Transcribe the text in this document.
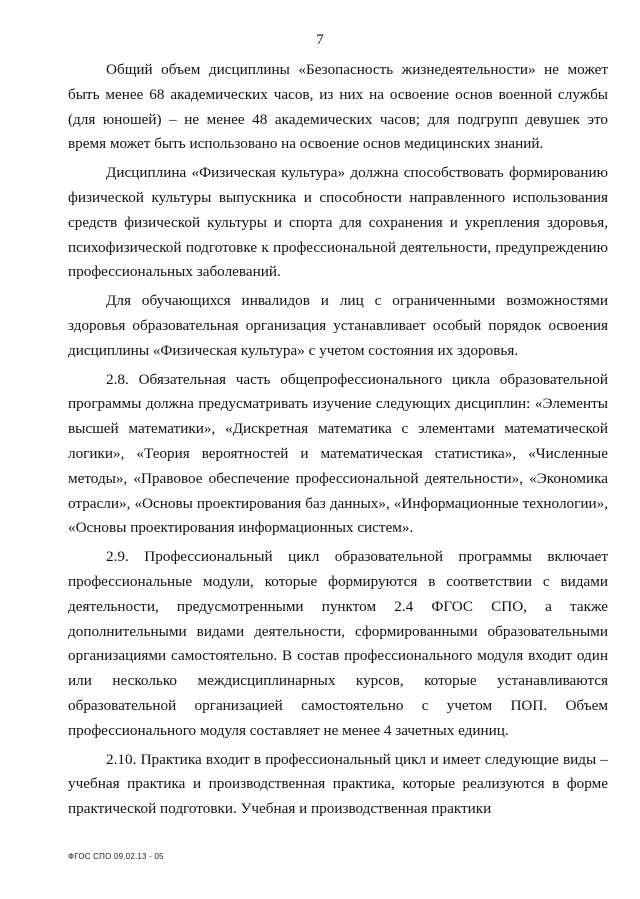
7

Общий объем дисциплины «Безопасность жизнедеятельности» не может быть менее 68 академических часов, из них на освоение основ военной службы (для юношей) – не менее 48 академических часов; для подгрупп девушек это время может быть использовано на освоение основ медицинских знаний.

Дисциплина «Физическая культура» должна способствовать формированию физической культуры выпускника и способности направленного использования средств физической культуры и спорта для сохранения и укрепления здоровья, психофизической подготовке к профессиональной деятельности, предупреждению профессиональных заболеваний.

Для обучающихся инвалидов и лиц с ограниченными возможностями здоровья образовательная организация устанавливает особый порядок освоения дисциплины «Физическая культура» с учетом состояния их здоровья.

2.8. Обязательная часть общепрофессионального цикла образовательной программы должна предусматривать изучение следующих дисциплин: «Элементы высшей математики», «Дискретная математика с элементами математической логики», «Теория вероятностей и математическая статистика», «Численные методы», «Правовое обеспечение профессиональной деятельности», «Экономика отрасли», «Основы проектирования баз данных», «Информационные технологии», «Основы проектирования информационных систем».

2.9. Профессиональный цикл образовательной программы включает профессиональные модули, которые формируются в соответствии с видами деятельности, предусмотренными пунктом 2.4 ФГОС СПО, а также дополнительными видами деятельности, сформированными образовательными организациями самостоятельно. В состав профессионального модуля входит один или несколько междисциплинарных курсов, которые устанавливаются образовательной организацией самостоятельно с учетом ПОП. Объем профессионального модуля составляет не менее 4 зачетных единиц.

2.10. Практика входит в профессиональный цикл и имеет следующие виды – учебная практика и производственная практика, которые реализуются в форме практической подготовки. Учебная и производственная практики

ФГОС СПО 09.02.13 - 05
